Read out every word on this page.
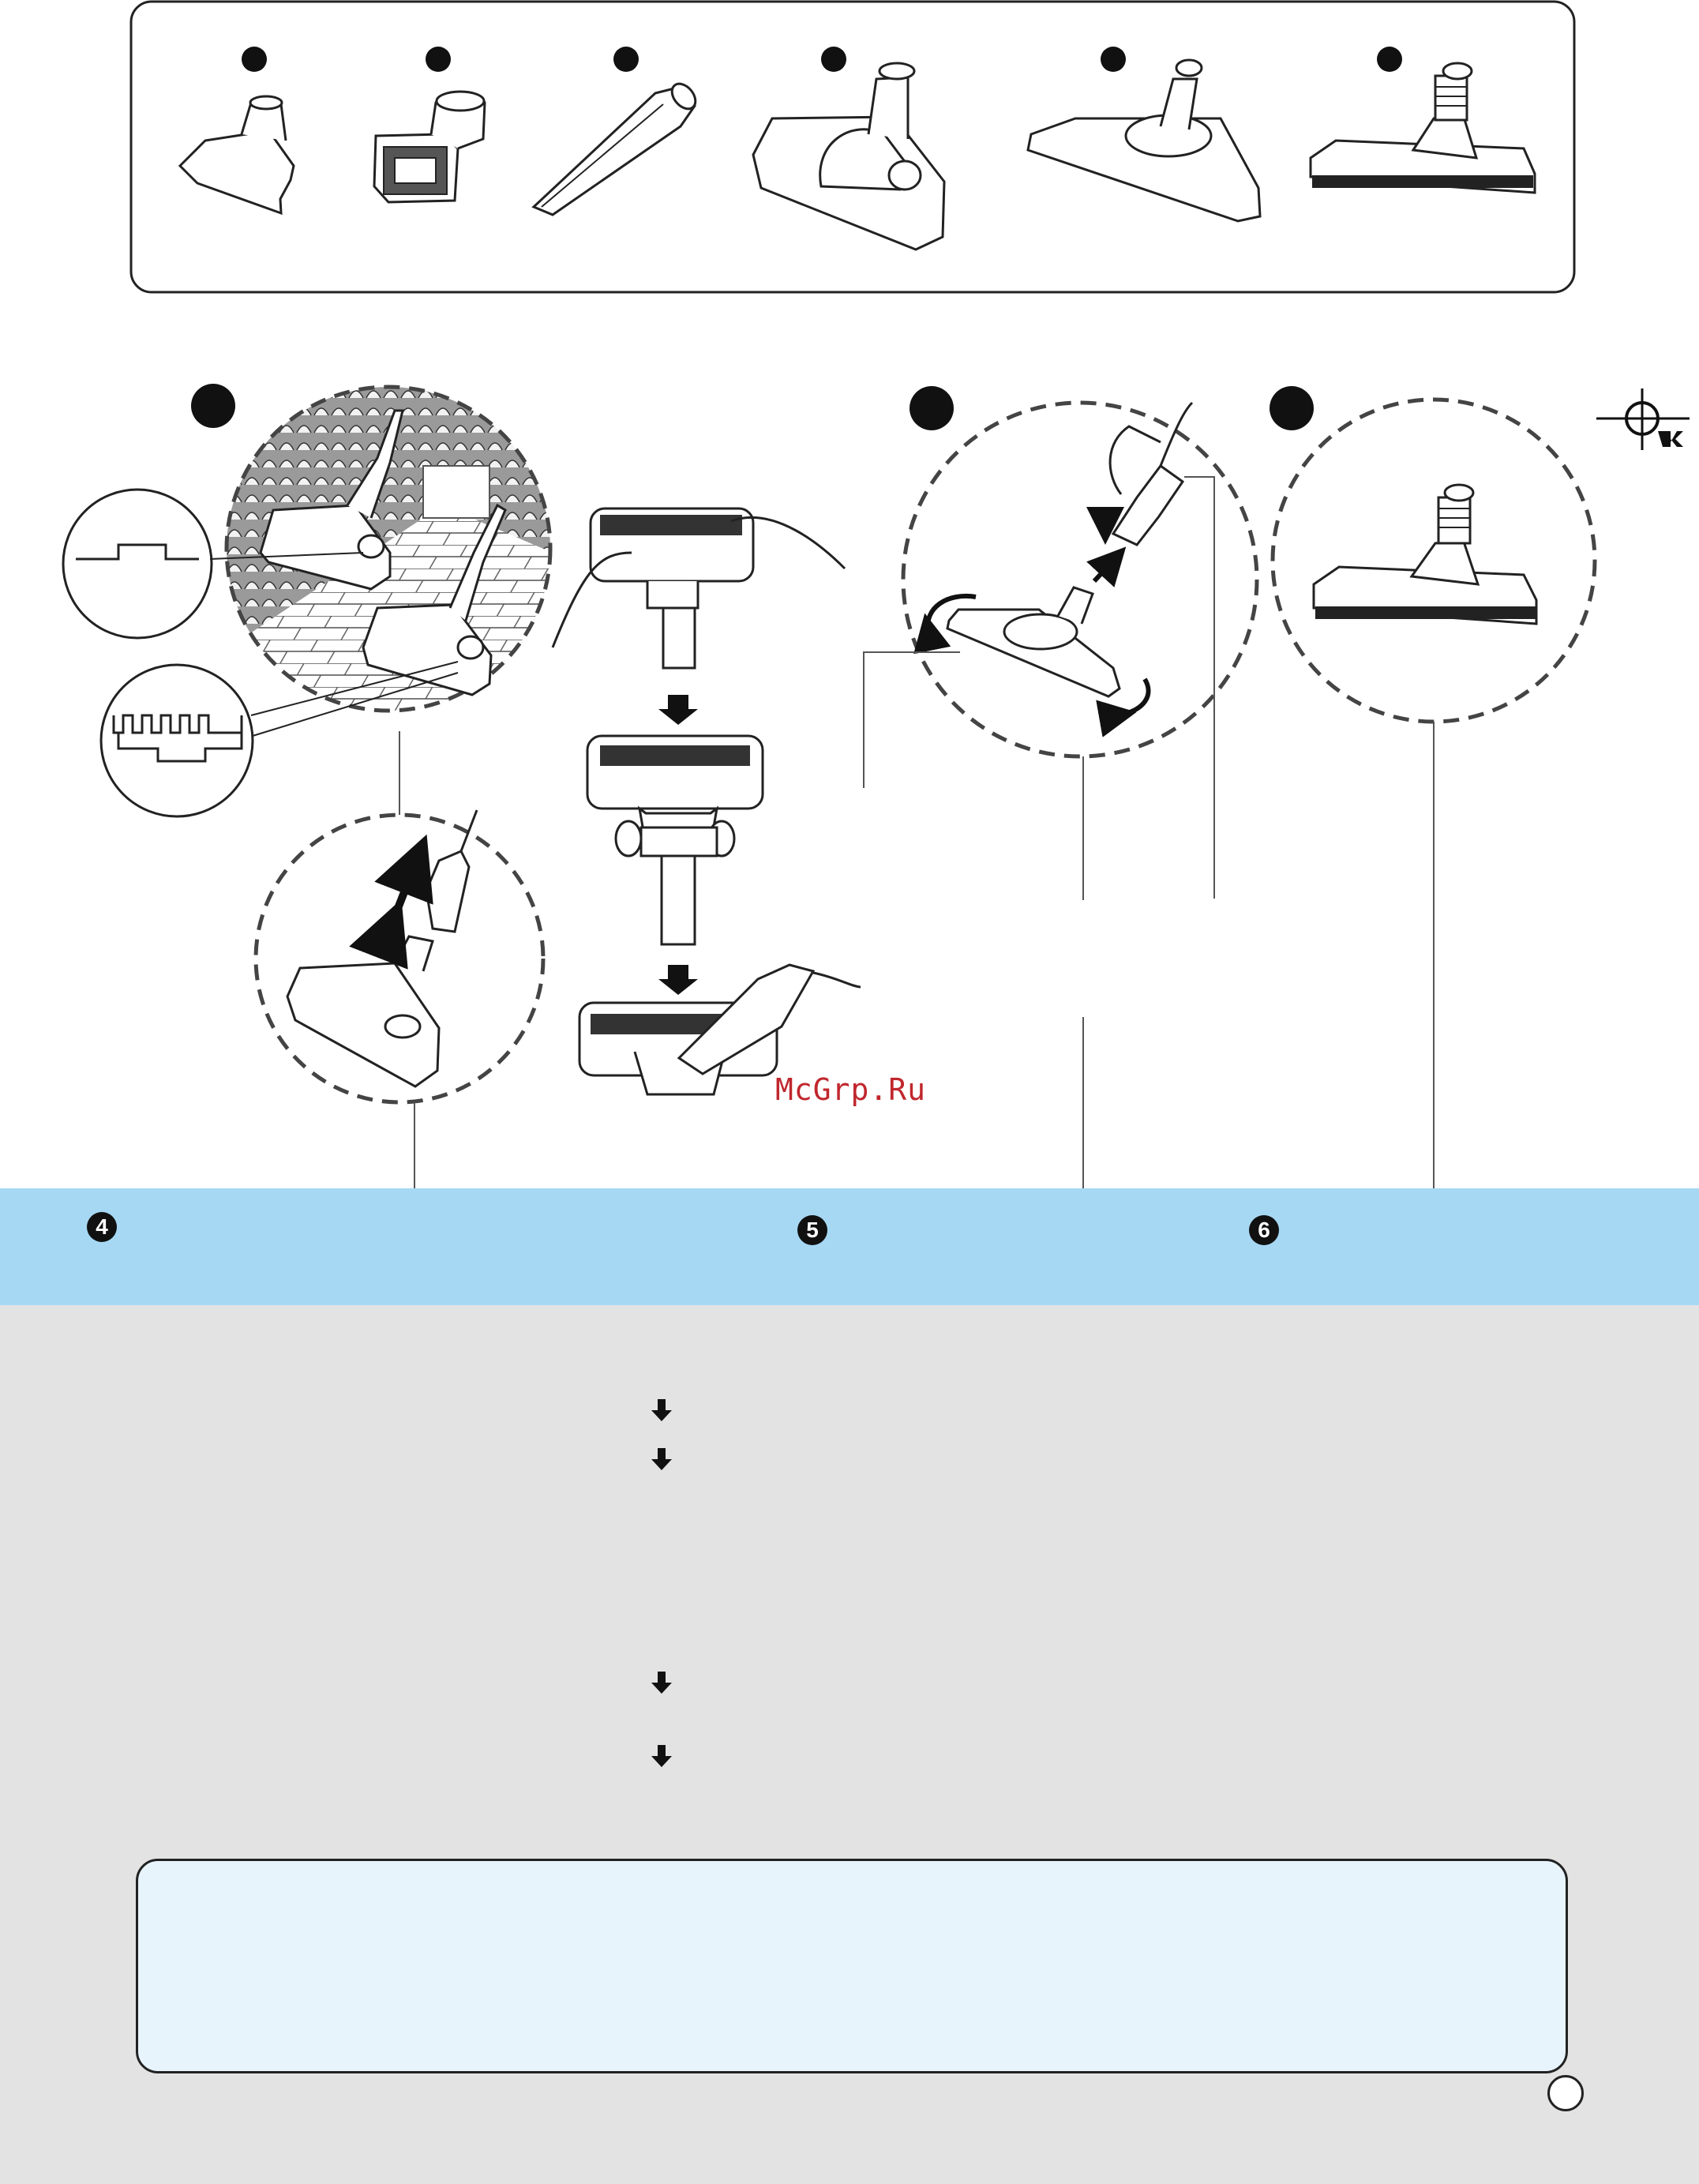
4	5	6
McGrp.Ru
